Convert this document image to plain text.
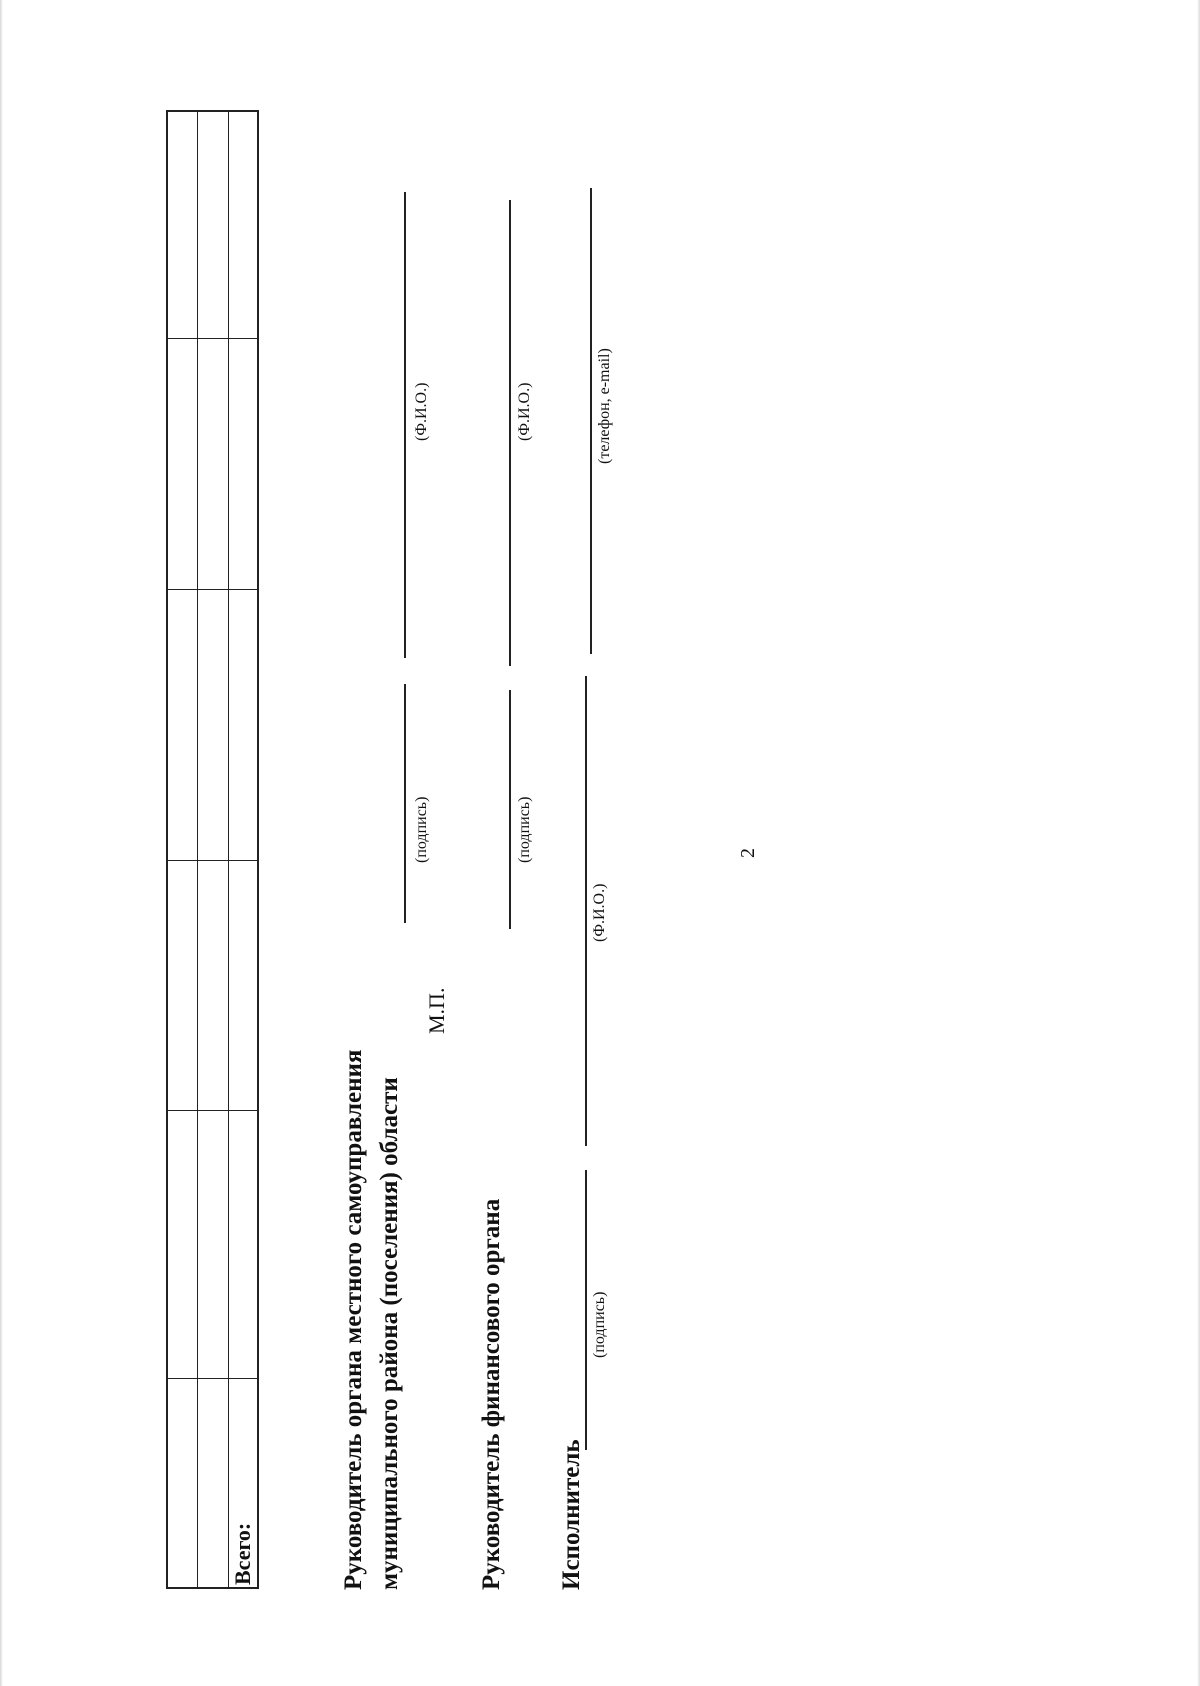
2
Всего:	Руководитель органа местного самоуправления муниципального района (поселения) области
М.П.
(подпись)
(Ф.И.О.)
Руководитель финансового органа
(подпись)
(Ф.И.О.)
Исполнитель
(подпись)
(Ф.И.О.)
(телефон, e-mail)
